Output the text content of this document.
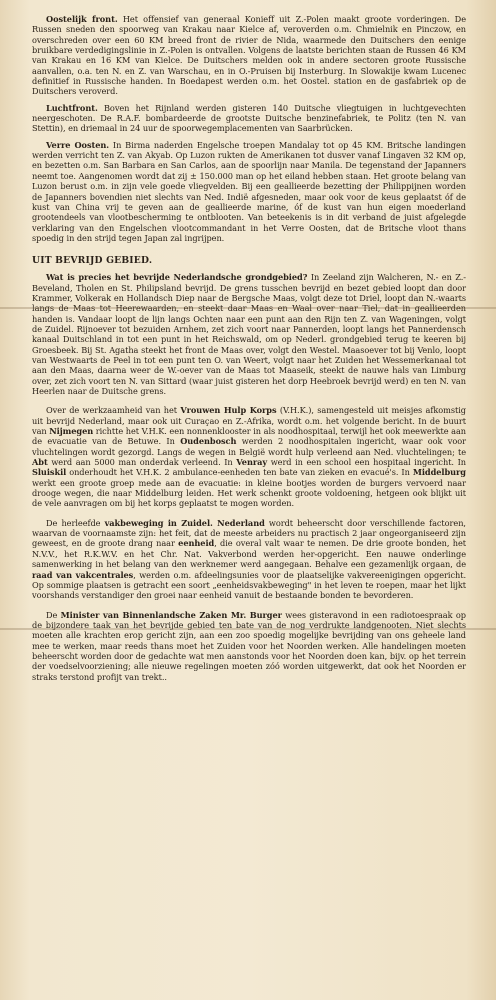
Oostelijk front. Het offensief van generaal Konieff uit Z.-Polen maakt groote vorderingen. De Russen sneden den spoorweg van Krakau naar Kielce af, veroverden o.m. Chmielnik en Pinczow, en overschreden over een 60 KM breed front de rivier de Nida, waarmede den Duitschers den eenige bruikbare verdedigingslinie in Z.-Polen is ontvallen. Volgens de laatste berichten staan de Russen 46 KM van Krakau en 16 KM van Kielce. De Duitschers melden ook in andere sectoren groote Russische aanvallen, o.a. ten N. en Z. van Warschau, en in O.-Pruisen bij Insterburg. In Slowakije kwam Lucenec definitief in Russische handen. In Boedapest werden o.m. het Oostel. station en de gasfabriek op de Duitschers veroverd.

Luchtfront. Boven het Rijnland werden gisteren 140 Duitsche vliegtuigen in luchtgevechten neergeschoten. De R.A.F. bombardeerde de grootste Duitsche benzinefabriek, te Politz (ten N. van Stettin), en driemaal in 24 uur de spoorwegemplacementen van Saarbrücken.

Verre Oosten. In Birma naderden Engelsche troepen Mandalay tot op 45 KM. Britsche landingen werden verricht ten Z. van Akyab. Op Luzon rukten de Amerikanen tot dusver vanaf Lingaven 32 KM op, en bezetten o.m. San Barbara en San Carlos, aan de spoorlijn naar Manila. De tegenstand der Japanners neemt toe. Aangenomen wordt dat zij ± 150.000 man op het eiland hebben staan. Het groote belang van Luzon berust o.m. in zijn vele goede vliegvelden. Bij een geallieerde bezetting der Philippijnen worden de Japanners bovendien niet slechts van Ned. Indië afgesneden, maar ook voor de keus geplaatst óf de kust van China vrij te geven aan de geallieerde marine, óf de kust van hun eigen moederland grootendeels van vlootbescherming te ontblooten. Van beteekenis is in dit verband de juist afgelegde verklaring van den Engelschen vlootcommandant in het Verre Oosten, dat de Britsche vloot thans spoedig in den strijd tegen Japan zal ingrijpen.

UIT BEVRIJD GEBIED.

Wat is precies het bevrijde Nederlandsche grondgebied? In Zeeland zijn Walcheren, N.- en Z.-Beveland, Tholen en St. Philipsland bevrijd. De grens tusschen bevrijd en bezet gebied loopt dan door Krammer, Volkerak en Hollandsch Diep naar de Bergsche Maas, volgt deze tot Driel, loopt dan N.-waarts langs de Maas tot Heerewaarden, en steekt daar Maas en Waal over naar Tiel, dat in geallieerden handen is. Vandaar loopt de lijn langs Ochten naar een punt aan den Rijn ten Z. van Wageningen, volgt de Zuidel. Rijnoever tot bezuiden Arnhem, zet zich voort naar Pannerden, loopt langs het Pannerdensch kanaal Duitschland in tot een punt in het Reichswald, om op Nederl. grondgebied terug te keeren bij Groesbeek. Bij St. Agatha steekt het front de Maas over, volgt den Westel. Maasoever tot bij Venlo, loopt van Westwaarts de Peel in tot een punt ten O. van Weert, volgt naar het Zuiden het Wessemerkanaal tot aan den Maas, daarna weer de W.-oever van de Maas tot Maaseik, steekt de nauwe hals van Limburg over, zet zich voort ten N. van Sittard (waar juist gisteren het dorp Heebroek bevrijd werd) en ten N. van Heerlen naar de Duitsche grens.

Over de werkzaamheid van het Vrouwen Hulp Korps (V.H.K.), samengesteld uit meisjes afkomstig uit bevrijd Nederland, maar ook uit Curaçao en Z.-Afrika, wordt o.m. het volgende bericht. In de buurt van Nijmegen richtte het V.H.K. een nonnenklooster in als noodhospitaal, terwijl het ook meewerkte aan de evacuatie van de Betuwe. In Oudenbosch werden 2 noodhospitalen ingericht, waar ook voor vluchtelingen wordt gezorgd. Langs de wegen in België wordt hulp verleend aan Ned. vluchtelingen; te Abt werd aan 5000 man onderdak verleend. In Venray werd in een school een hospitaal ingericht. In Sluiskil onderhoudt het V.H.K. 2 ambulance-eenheden ten bate van zieken en evacué's. In Middelburg werkt een groote groep mede aan de evacuatie: in kleine bootjes worden de burgers vervoerd naar droogе wegen, die naar Middelburg leiden. Het werk schenkt groote voldoening, hetgeen ook blijkt uit de vele aanvragen om bij het korps geplaatst te mogen worden.

De herleefde vakbeweging in Zuidel. Nederland wordt beheerscht door verschillende factoren, waarvan de voornaamste zijn: het feit, dat de meeste arbeiders nu practisch 2 jaar ongeorganiseerd zijn geweest, en de groote drang naar eenheid, die overal valt waar te nemen. De drie groote bonden, het N.V.V., het R.K.W.V. en het Chr. Nat. Vakverbond werden her-opgericht. Een nauwe onderlinge samenwerking in het belang van den werknemer werd aangegaan. Behalve een gezamenlijk orgaan, de raad van vakcentrales, werden o.m. afdeelingsunies voor de plaatselijke vakvereenigingen opgericht. Op sommige plaatsen is getracht een soort „eenheidsvakbeweging" in het leven te roepen, maar het lijkt voorshands verstandiger den groei naar eenheid vanuit de bestaande bonden te bevorderen.

De Minister van Binnenlandsche Zaken Mr. Burger wees gisteravond in een radiotoespraak op de bijzondere taak van het bevrijde gebied ten bate van de nog verdrukte landgenooten. Niet slechts moeten alle krachten erop gericht zijn, aan een zoo spoedig mogelijke bevrijding van ons geheele land mee te werken, maar reeds thans moet het Zuiden voor het Noorden werken. Alle handelingen moeten beheerscht worden door de gedachte wat men aanstonds voor het Noorden doen kan, bijv. op het terrein der voedselvoorziening; alle nieuwe regelingen moeten zóó worden uitgewerkt, dat ook het Noorden er straks terstond profijt van trekt..
